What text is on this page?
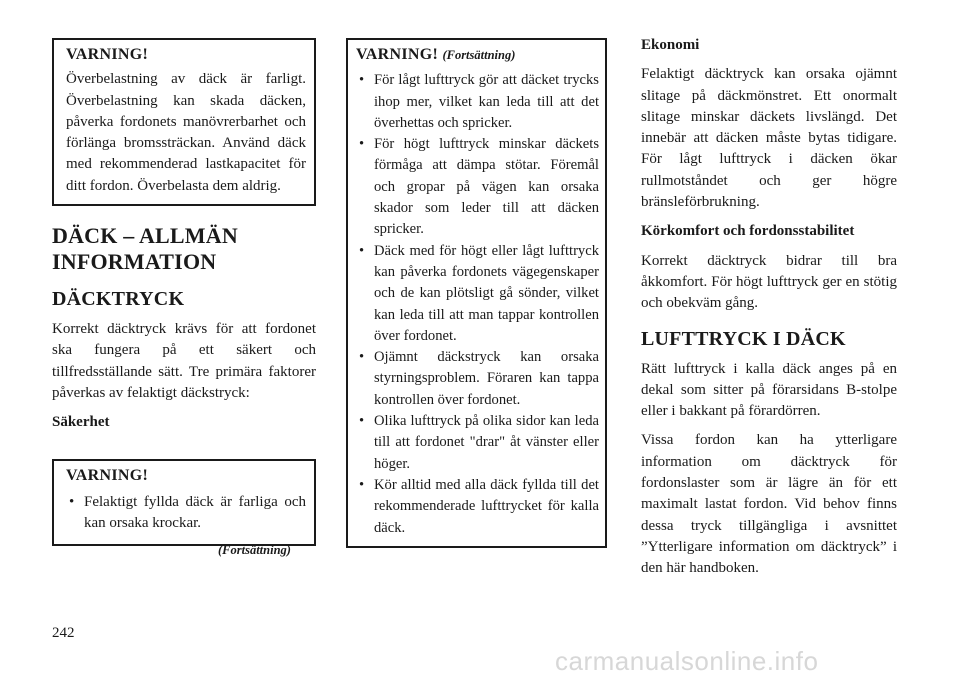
VARNING!

Överbelastning av däck är farligt. Överbelastning kan skada däcken, påverka fordonets manövrerbarhet och förlänga bromssträckan. Använd däck med rekommenderad lastkapacitet för ditt fordon. Överbelasta dem aldrig.

DÄCK – ALLMÄN INFORMATION
DÄCKTRYCK

Korrekt däcktryck krävs för att fordonet ska fungera på ett säkert och tillfredsställande sätt. Tre primära faktorer påverkas av felaktigt däckstryck:

Säkerhet
VARNING!
• Felaktigt fyllda däck är farliga och kan orsaka krockar.
(Fortsättning)
VARNING! (Fortsättning)
• För lågt lufttryck gör att däcket trycks ihop mer, vilket kan leda till att det överhettas och spricker.
• För högt lufttryck minskar däckets förmåga att dämpa stötar. Föremål och gropar på vägen kan orsaka skador som leder till att däcken spricker.
• Däck med för högt eller lågt lufttryck kan påverka fordonets vägegenskaper och de kan plötsligt gå sönder, vilket kan leda till att man tappar kontrollen över fordonet.
• Ojämnt däckstryck kan orsaka styrningsproblem. Föraren kan tappa kontrollen över fordonet.
• Olika lufttryck på olika sidor kan leda till att fordonet "drar" åt vänster eller höger.
• Kör alltid med alla däck fyllda till det rekommenderade lufttrycket för kalla däck.
Ekonomi

Felaktigt däcktryck kan orsaka ojämnt slitage på däckmönstret. Ett onormalt slitage minskar däckets livslängd. Det innebär att däcken måste bytas tidigare. För lågt lufttryck i däcken ökar rullmotståndet och ger högre bränsleförbrukning.

Körkomfort och fordonsstabilitet

Korrekt däcktryck bidrar till bra åkkomfort. För högt lufttryck ger en stötig och obekväm gång.

LUFTTRYCK I DÄCK

Rätt lufttryck i kalla däck anges på en dekal som sitter på förarsidans B-stolpe eller i bakkant på förardörren.

Vissa fordon kan ha ytterligare information om däcktryck för fordonslaster som är lägre än för ett maximalt lastat fordon. Vid behov finns dessa tryck tillgängliga i avsnittet ”Ytterligare information om däcktryck” i den här handboken.

242
carmanualsonline.info
